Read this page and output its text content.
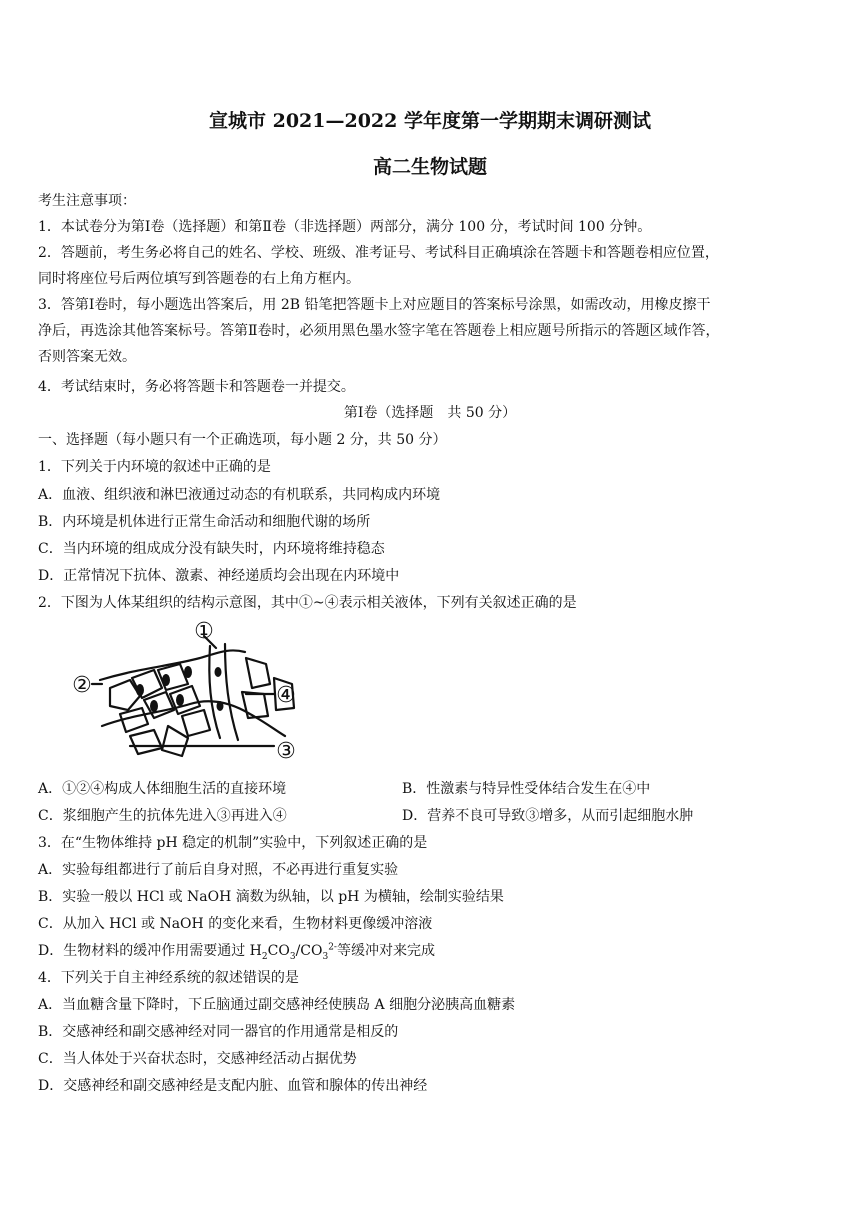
宣城市 2021—2022 学年度第一学期期末调研测试
高二生物试题
考生注意事项：
1．本试卷分为第Ⅰ卷（选择题）和第Ⅱ卷（非选择题）两部分，满分 100 分，考试时间 100 分钟。
2．答题前，考生务必将自己的姓名、学校、班级、准考证号、考试科目正确填涂在答题卡和答题卷相应位置，
同时将座位号后两位填写到答题卷的右上角方框内。
3．答第Ⅰ卷时，每小题选出答案后，用 2B 铅笔把答题卡上对应题目的答案标号涂黑，如需改动，用橡皮擦干
净后，再选涂其他答案标号。答第Ⅱ卷时，必须用黑色墨水签字笔在答题卷上相应题号所指示的答题区域作答，
否则答案无效。
4．考试结束时，务必将答题卡和答题卷一并提交。
第Ⅰ卷（选择题　共 50 分）
一、选择题（每小题只有一个正确选项，每小题 2 分，共 50 分）
1．下列关于内环境的叙述中正确的是
A．血液、组织液和淋巴液通过动态的有机联系，共同构成内环境
B．内环境是机体进行正常生命活动和细胞代谢的场所
C．当内环境的组成成分没有缺失时，内环境将维持稳态
D．正常情况下抗体、激素、神经递质均会出现在内环境中
2．下图为人体某组织的结构示意图，其中①~④表示相关液体，下列有关叙述正确的是
①
②	④
③
A．①②④构成人体细胞生活的直接环境	B．性激素与特异性受体结合发生在④中
C．浆细胞产生的抗体先进入③再进入④	D．营养不良可导致③增多，从而引起细胞水肿
3．在“生物体维持 pH 稳定的机制”实验中，下列叙述正确的是
A．实验每组都进行了前后自身对照，不必再进行重复实验
B．实验一般以 HCl 或 NaOH 滴数为纵轴，以 pH 为横轴，绘制实验结果
C．从加入 HCl 或 NaOH 的变化来看，生物材料更像缓冲溶液
D．生物材料的缓冲作用需要通过 $H_2CO_3/CO_3^{2-}$等缓冲对来完成
4．下列关于自主神经系统的叙述错误的是
A．当血糖含量下降时，下丘脑通过副交感神经使胰岛 A 细胞分泌胰高血糖素
B．交感神经和副交感神经对同一器官的作用通常是相反的
C．当人体处于兴奋状态时，交感神经活动占据优势
D．交感神经和副交感神经是支配内脏、血管和腺体的传出神经
